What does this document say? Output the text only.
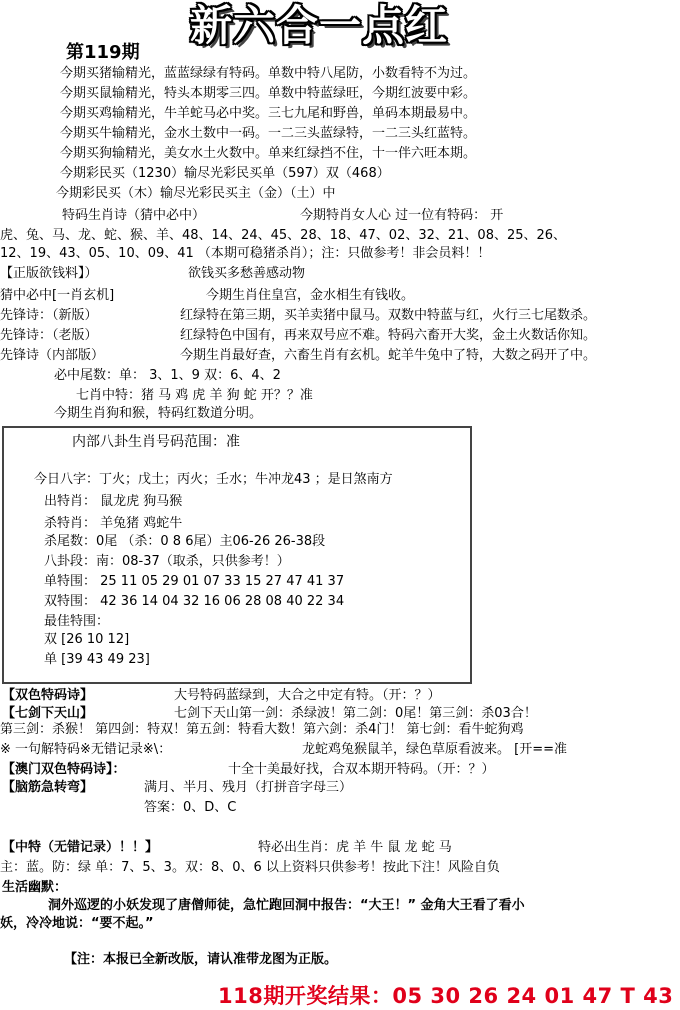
新六合一点红
第119期
今期买猪输精光，蓝蓝绿绿有特码。单数中特八尾防，小数看特不为过。
今期买鼠输精光，特头本期零三四。单数中特蓝绿旺，今期红波要中彩。
今期买鸡输精光，牛羊蛇马必中奖。三七九尾和野兽，单码本期最易中。
今期买牛输精光，金水土数中一码。一二三头蓝绿特，一二三头红蓝特。
今期买狗输精光，美女水土火数中。单来红绿挡不住，十一伴六旺本期。
今期彩民买（1230）输尽光彩民买单（597）双（468）
今期彩民买（木）输尽光彩民买主（金）（土）中
特码生肖诗（猜中必中）	今期特肖女人心 过一位有特码： 开
虎、兔、马、龙、蛇、猴、羊、48、14、24、45、28、18、47、02、32、21、08、25、26、
12、19、43、05、10、09、41 （本期可稳猪杀肖）；注：只做参考！非会员料！！
【正版欲钱料】）	欲钱买多愁善感动物
猜中必中[一肖玄机]	今期生肖住皇宫，金水相生有钱收。
先锋诗：（新版）	红绿特在第三期，买羊卖猪中鼠马。双数中特蓝与红，火行三七尾数杀。
先锋诗：（老版）	红绿特色中国有，再来双号应不难。特码六畜开大奖，金土火数话你知。
先锋诗（内部版）	今期生肖最好查，六畜生肖有玄机。蛇羊牛兔中了特，大数之码开了中。
必中尾数：单： 3、1、9 双：6、4、2
七肖中特：猪 马 鸡 虎 羊 狗 蛇 开？？准
今期生肖狗和猴，特码红数道分明。
内部八卦生肖号码范围：准
今日八字：丁火；戊土；丙火；壬水；牛冲龙43 ；是日煞南方
出特肖： 鼠龙虎 狗马猴
杀特肖： 羊兔猪 鸡蛇牛
杀尾数：0尾 （杀：0 8 6尾）主06-26 26-38段
八卦段：南：08-37（取杀，只供参考！）
单特围： 25 11 05 29 01 07 33 15 27 47 41 37
双特围： 42 36 14 04 32 16 06 28 08 40 22 34
最佳特围：
双 [26 10 12]
单 [39 43 49 23]
【双色特码诗】	大号特码蓝绿到，大合之中定有特。（开：？）
【七剑下天山】	七剑下天山第一剑：杀绿波！第二剑：0尾！第三剑：杀03合！
第三剑：杀猴！ 第四剑：特双！第五剑：特看大数！第六剑：杀4门！ 第七剑：看牛蛇狗鸡
※ 一句解特码※无错记录※\：	龙蛇鸡兔猴鼠羊，绿色草原看波来。 [开==准
【澳门双色特码诗】：	十全十美最好找，合双本期开特码。（开：？）
【脑筋急转弯】	满月、半月、残月（打拼音字母三）
答案：0、D、C
【中特（无错记录）！！】	特必出生肖：虎 羊 牛 鼠 龙 蛇 马
主：蓝。防：绿 单：7、5、3。双：8、0、6 以上资料只供参考！按此下注！风险自负
生活幽默：
洞外巡逻的小妖发现了唐僧师徒，急忙跑回洞中报告：“大王！” 金角大王看了看小
妖，冷冷地说：“要不起。”
【注：本报已全新改版，请认准带龙图为正版。
118期开奖结果：05 30 26 24 01 47 T 43
